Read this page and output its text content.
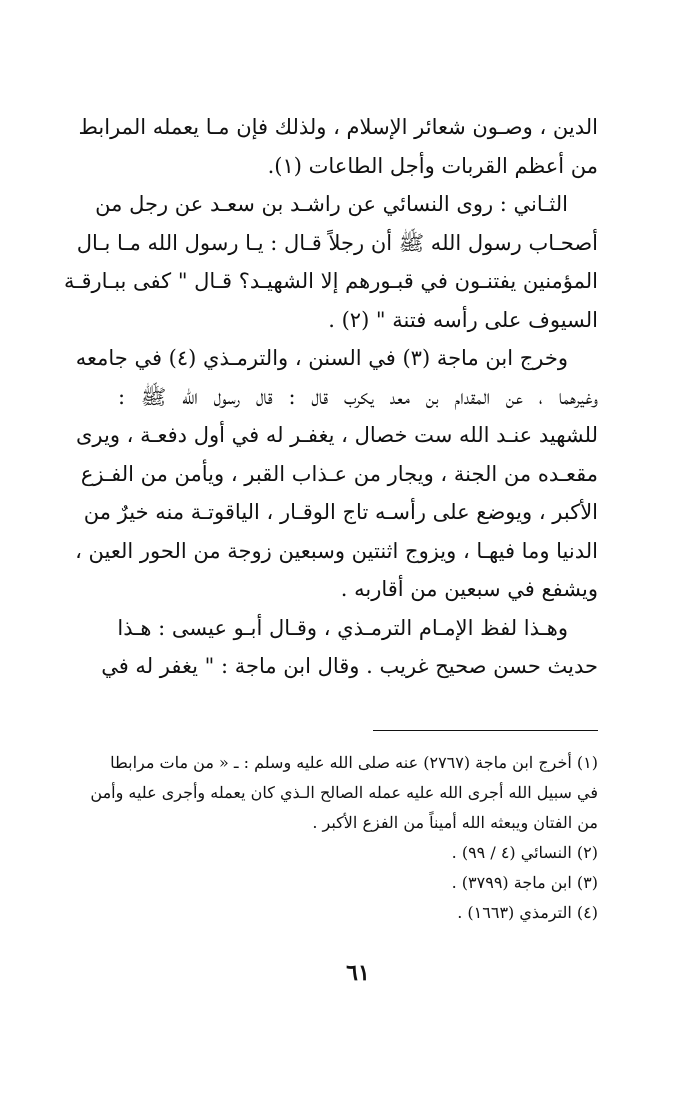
الدين ، وصـون شعائر الإسلام ، ولذلك فإن مـا يعمله المرابط
من أعظم القربات وأجل الطاعات (١).
الثـاني : روى النسائي عن راشـد بن سعـد عن رجل من
أصحـاب رسول الله ﷺ أن رجلاً قـال : يـا رسول الله مـا بـال
المؤمنين يفتنـون في قبـورهم إلا الشهيـد؟ قـال " كفى ببـارقـة
السيوف على رأسه فتنة " (٢) .
وخرج ابن ماجة (٣) في السنن ، والترمـذي (٤) في جامعه
وغيرهما ، عن المقدام بن معد يكرب قال : قال رسول الله ﷺ :
للشهيد عنـد الله ست خصال ، يغفـر له في أول دفعـة ، ويرى
مقعـده من الجنة ، ويجار من عـذاب القبر ، ويأمن من الفـزع
الأكبر ، ويوضع على رأسـه تاج الوقـار ، الياقوتـة منه خيرٌ من
الدنيا وما فيهـا ، ويزوج اثنتين وسبعين زوجة من الحور العين ،
ويشفع في سبعين من أقاربه .
وهـذا لفظ الإمـام الترمـذي ، وقـال أبـو عيسى : هـذا
حديث حسن صحيح غريب . وقال ابن ماجة : " يغفر له في
(١) أخرج ابن ماجة (٢٧٦٧) عنه صلى الله عليه وسلم : ـ « من مات مرابطا
في سبيل الله أجرى الله عليه عمله الصالح الـذي كان يعمله وأجرى عليه وأمن
من الفتان ويبعثه الله أميناً من الفزع الأكبر .
(٢) النسائي (٤ / ٩٩) .
(٣) ابن ماجة (٣٧٩٩) .
(٤) الترمذي (١٦٦٣) .
٦١
